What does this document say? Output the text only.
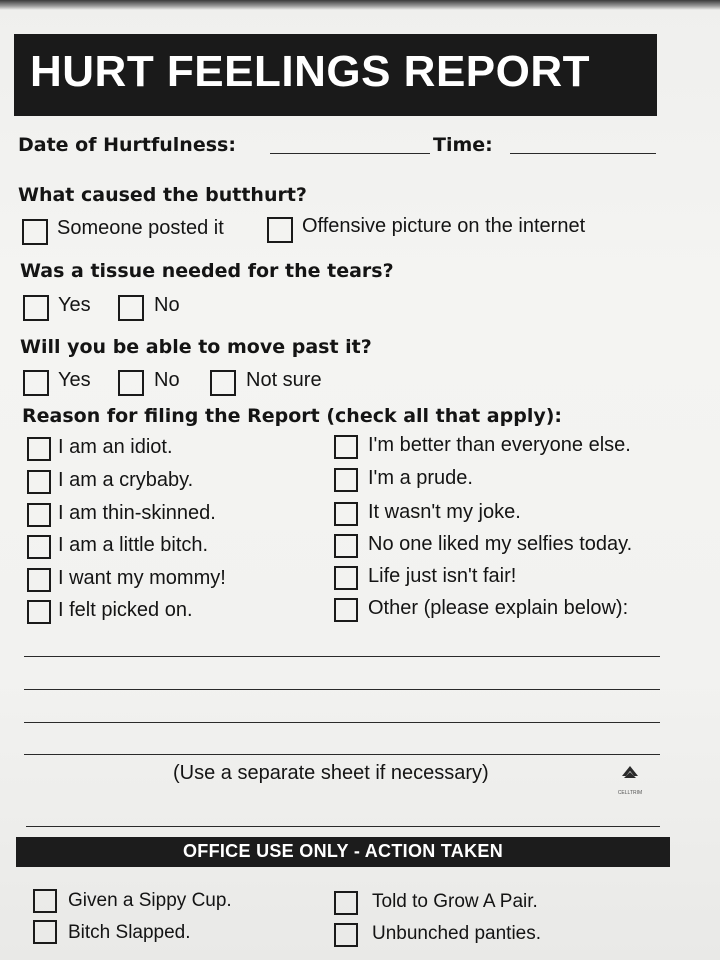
HURT FEELINGS REPORT
Date of Hurtfulness:	Time:
What caused the butthurt?
Someone posted it	Offensive picture on the internet
Was a tissue needed for the tears?
Yes	No
Will you be able to move past it?
Yes	No	Not sure
Reason for filing the Report (check all that apply):
I am an idiot.
I am a crybaby.
I am thin-skinned.
I am a little bitch.
I want my mommy!
I felt picked on.
I'm better than everyone else.
I'm a prude.
It wasn't my joke.
No one liked my selfies today.
Life just isn't fair!
Other (please explain below):
(Use a separate sheet if necessary)
CELLTRIM
OFFICE USE ONLY - ACTION TAKEN
Given a Sippy Cup.
Bitch Slapped.
Told to Grow A Pair.
Unbunched panties.
